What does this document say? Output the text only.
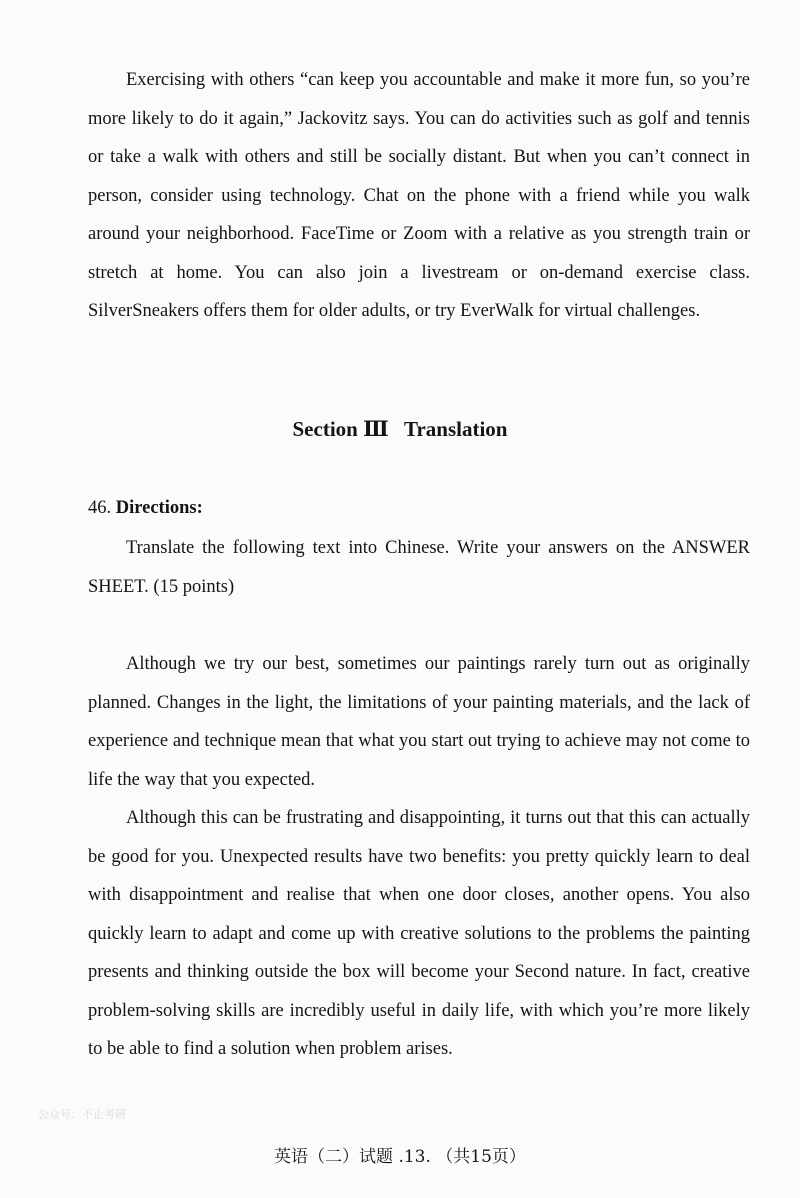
Exercising with others “can keep you accountable and make it more fun, so you’re more likely to do it again,” Jackovitz says. You can do activities such as golf and tennis or take a walk with others and still be socially distant. But when you can’t connect in person, consider using technology. Chat on the phone with a friend while you walk around your neighborhood. FaceTime or Zoom with a relative as you strength train or stretch at home. You can also join a livestream or on-demand exercise class. SilverSneakers offers them for older adults, or try EverWalk for virtual challenges.

Section Ⅲ   Translation
46. Directions:

Translate the following text into Chinese. Write your answers on the ANSWER SHEET. (15 points)

Although we try our best, sometimes our paintings rarely turn out as originally planned. Changes in the light, the limitations of your painting materials, and the lack of experience and technique mean that what you start out trying to achieve may not come to life the way that you expected.

Although this can be frustrating and disappointing, it turns out that this can actually be good for you. Unexpected results have two benefits: you pretty quickly learn to deal with disappointment and realise that when one door closes, another opens. You also quickly learn to adapt and come up with creative solutions to the problems the painting presents and thinking outside the box will become your Second nature. In fact, creative problem-solving skills are incredibly useful in daily life, with which you’re more likely to be able to find a solution when problem arises.

公众号：不止考研
英语（二）试题 .13. （共15页）
